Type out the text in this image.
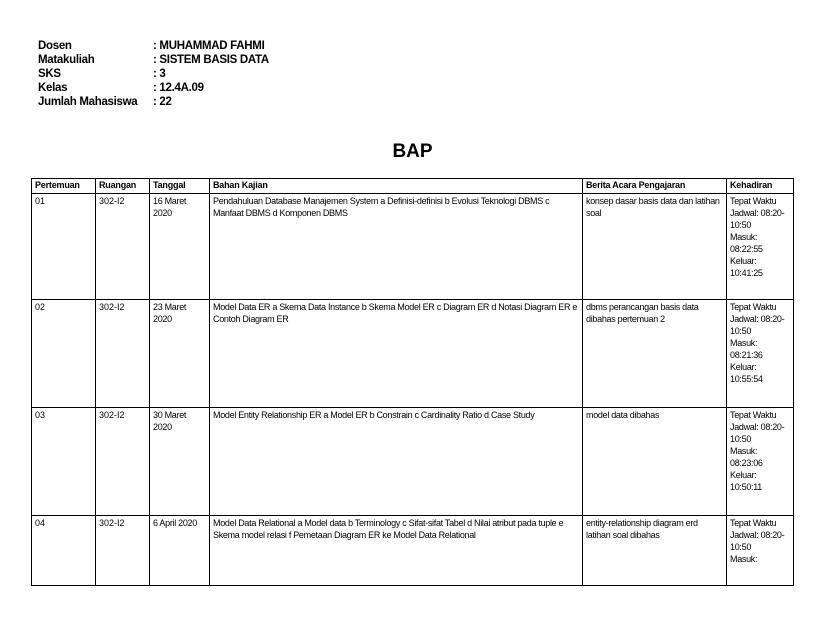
Dosen	: MUHAMMAD FAHMI
Matakuliah	: SISTEM BASIS DATA
SKS	: 3
Kelas	: 12.4A.09
Jumlah Mahasiswa	: 22
BAP
Pertemuan	Ruangan	Tanggal	Bahan Kajian	Berita Acara Pengajaran	Kehadiran
01	302-I2	16 Maret 2020	Pendahuluan Database Manajemen System a Definisi-definisi b Evolusi Teknologi DBMS c Manfaat DBMS d Komponen DBMS	konsep dasar basis data dan latihan soal	Tepat Waktu
Jadwal: 08:20-10:50
Masuk: 08:22:55
Keluar: 10:41:25
02	302-I2	23 Maret 2020	Model Data ER a Skema Data Instance b Skema Model ER c Diagram ER d Notasi Diagram ER e Contoh Diagram ER	dbms perancangan basis data dibahas pertemuan 2	Tepat Waktu
Jadwal: 08:20-10:50
Masuk: 08:21:36
Keluar: 10:55:54
03	302-I2	30 Maret 2020	Model Entity Relationship ER a Model ER b Constrain c Cardinality Ratio d Case Study	model data dibahas	Tepat Waktu
Jadwal: 08:20-10:50
Masuk: 08:23:06
Keluar: 10:50:11
04	302-I2	6 April 2020	Model Data Relational a Model data b Terminology c Sifat-sifat Tabel d Nilai atribut pada tuple e Skema model relasi f Pemetaan Diagram ER ke Model Data Relational	entity-relationship diagram erd latihan soal dibahas	Tepat Waktu
Jadwal: 08:20-10:50
Masuk:
